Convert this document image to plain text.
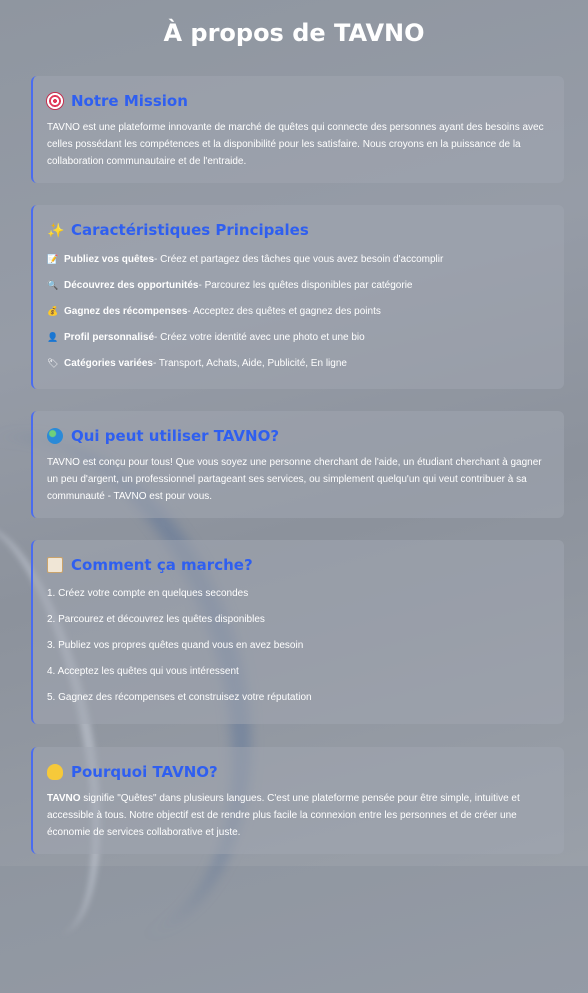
À propos de TAVNO
Notre Mission

TAVNO est une plateforme innovante de marché de quêtes qui connecte des personnes ayant des besoins avec celles possédant les compétences et la disponibilité pour les satisfaire. Nous croyons en la puissance de la collaboration communautaire et de l'entraide.

✨ Caractéristiques Principales
📝 Publiez vos quêtes - Créez et partagez des tâches que vous avez besoin d'accomplir
🔍 Découvrez des opportunités - Parcourez les quêtes disponibles par catégorie
💰 Gagnez des récompenses - Acceptez des quêtes et gagnez des points
👤 Profil personnalisé - Créez votre identité avec une photo et une bio
🏷 Catégories variées - Transport, Achats, Aide, Publicité, En ligne
Qui peut utiliser TAVNO?

TAVNO est conçu pour tous! Que vous soyez une personne cherchant de l'aide, un étudiant cherchant à gagner un peu d'argent, un professionnel partageant ses services, ou simplement quelqu'un qui veut contribuer à sa communauté - TAVNO est pour vous.

Comment ça marche?
1. Créez votre compte en quelques secondes
2. Parcourez et découvrez les quêtes disponibles
3. Publiez vos propres quêtes quand vous en avez besoin
4. Acceptez les quêtes qui vous intéressent
5. Gagnez des récompenses et construisez votre réputation
Pourquoi TAVNO?

TAVNO signifie "Quêtes" dans plusieurs langues. C'est une plateforme pensée pour être simple, intuitive et accessible à tous. Notre objectif est de rendre plus facile la connexion entre les personnes et de créer une économie de services collaborative et juste.
